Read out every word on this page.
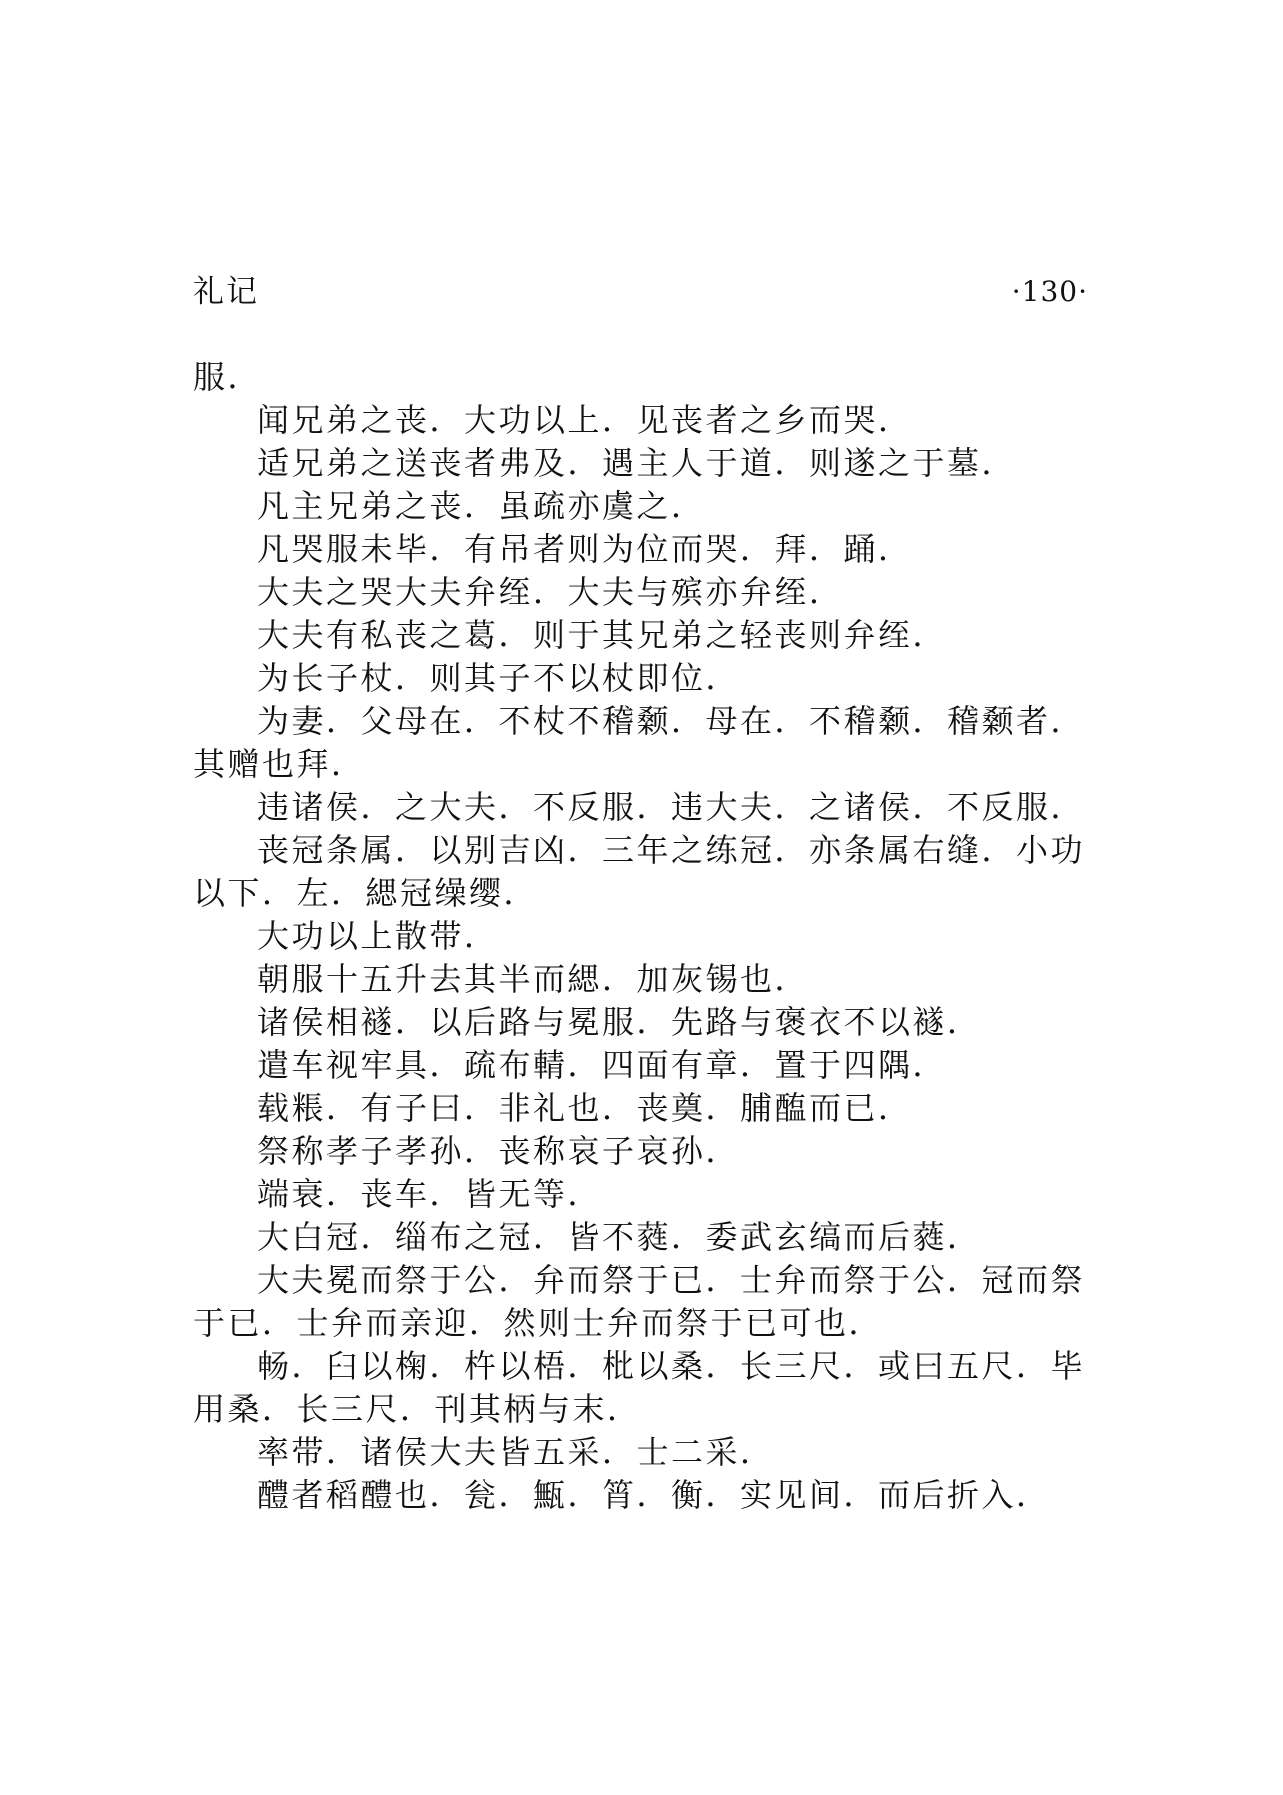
礼记	·130·

服．

闻兄弟之丧．大功以上．见丧者之乡而哭．

适兄弟之送丧者弗及．遇主人于道．则遂之于墓．

凡主兄弟之丧．虽疏亦虞之．

凡哭服未毕．有吊者则为位而哭．拜．踊．

大夫之哭大夫弁绖．大夫与殡亦弁绖．

大夫有私丧之葛．则于其兄弟之轻丧则弁绖．

为长子杖．则其子不以杖即位．

为妻．父母在．不杖不稽颡．母在．不稽颡．稽颡者．其赠也拜．

违诸侯．之大夫．不反服．违大夫．之诸侯．不反服．

丧冠条属．以别吉凶．三年之练冠．亦条属右缝．小功以下．左．緦冠缲缨．

大功以上散带．

朝服十五升去其半而緦．加灰锡也．

诸侯相襚．以后路与冕服．先路与褒衣不以襚．

遣车视牢具．疏布輤．四面有章．置于四隅．

载粻．有子曰．非礼也．丧奠．脯醢而已．

祭称孝子孝孙．丧称哀子哀孙．

端衰．丧车．皆无等．

大白冠．缁布之冠．皆不蕤．委武玄缟而后蕤．

大夫冕而祭于公．弁而祭于已．士弁而祭于公．冠而祭于已．士弁而亲迎．然则士弁而祭于已可也．

畅．臼以椈．杵以梧．枇以桑．长三尺．或曰五尺．毕用桑．长三尺．刊其柄与末．

率带．诸侯大夫皆五采．士二采．

醴者稻醴也．瓮．甒．筲．衡．实见间．而后折入．
